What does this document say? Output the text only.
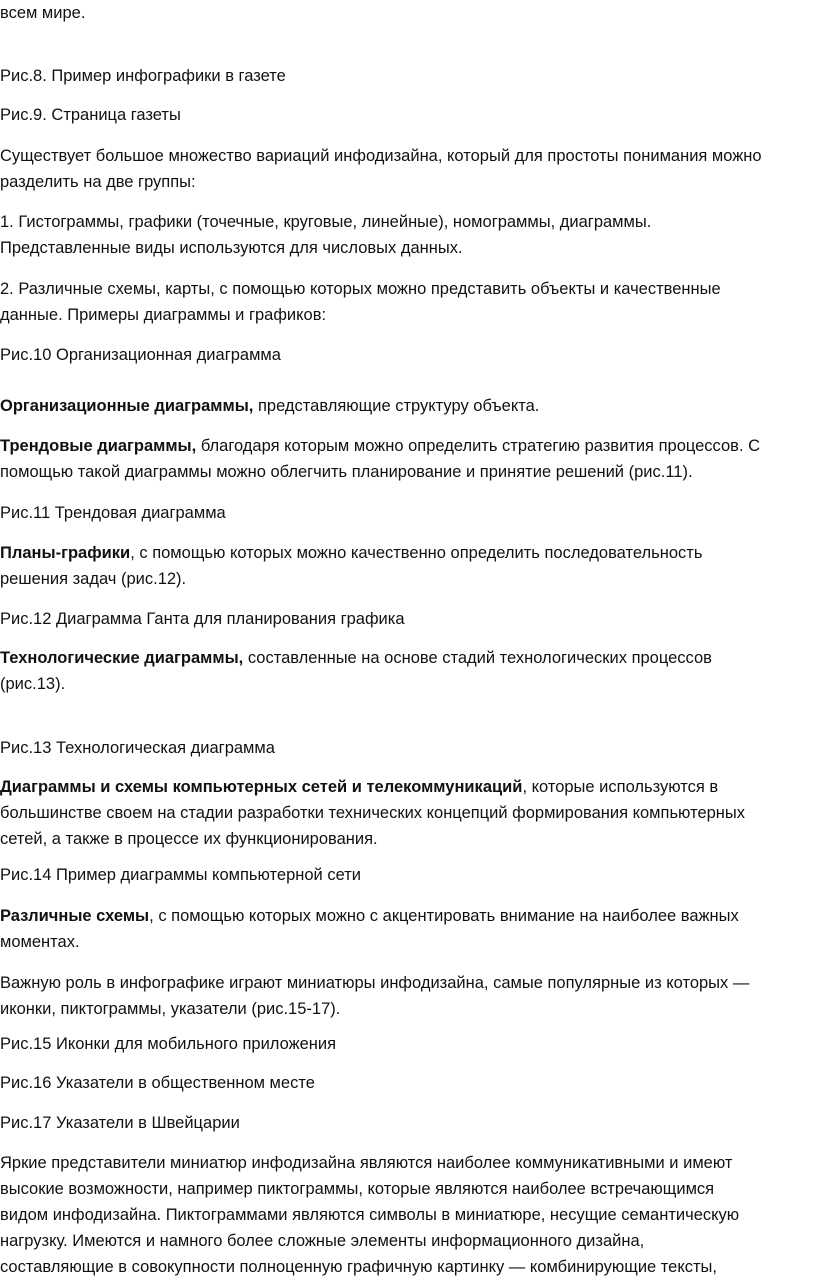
всем мире.
Рис.8. Пример инфографики в газете
Рис.9. Страница газеты
Существует большое множество вариаций инфодизайна, который для простоты понимания можно
разделить на две группы:
1. Гистограммы, графики (точечные, круговые, линейные), номограммы, диаграммы.
Представленные виды используются для числовых данных.
2. Различные схемы, карты, с помощью которых можно представить объекты и качественные
данные. Примеры диаграммы и графиков:
Рис.10 Организационная диаграмма
Организационные диаграммы, представляющие структуру объекта.
Трендовые диаграммы, благодаря которым можно определить стратегию развития процессов. С
помощью такой диаграммы можно облегчить планирование и принятие решений (рис.11).
Рис.11 Трендовая диаграмма
Планы-графики, с помощью которых можно качественно определить последовательность
решения задач (рис.12).
Рис.12 Диаграмма Ганта для планирования графика
Технологические диаграммы, составленные на основе стадий технологических процессов
(рис.13).
Рис.13 Технологическая диаграмма
Диаграммы и схемы компьютерных сетей и телекоммуникаций, которые используются в
большинстве своем на стадии разработки технических концепций формирования компьютерных
сетей, а также в процессе их функционирования.
Рис.14 Пример диаграммы компьютерной сети
Различные схемы, с помощью которых можно с акцентировать внимание на наиболее важных
моментах.
Важную роль в инфографике играют миниатюры инфодизайна, самые популярные из которых —
иконки, пиктограммы, указатели (рис.15-17).
Рис.15 Иконки для мобильного приложения
Рис.16 Указатели в общественном месте
Рис.17 Указатели в Швейцарии
Яркие представители миниатюр инфодизайна являются наиболее коммуникативными и имеют
высокие возможности, например пиктограммы, которые являются наиболее встречающимся
видом инфодизайна. Пиктограммами являются символы в миниатюре, несущие семантическую
нагрузку. Имеются и намного более сложные элементы информационного дизайна,
составляющие в совокупности полноценную графичную картинку — комбинирующие тексты,
